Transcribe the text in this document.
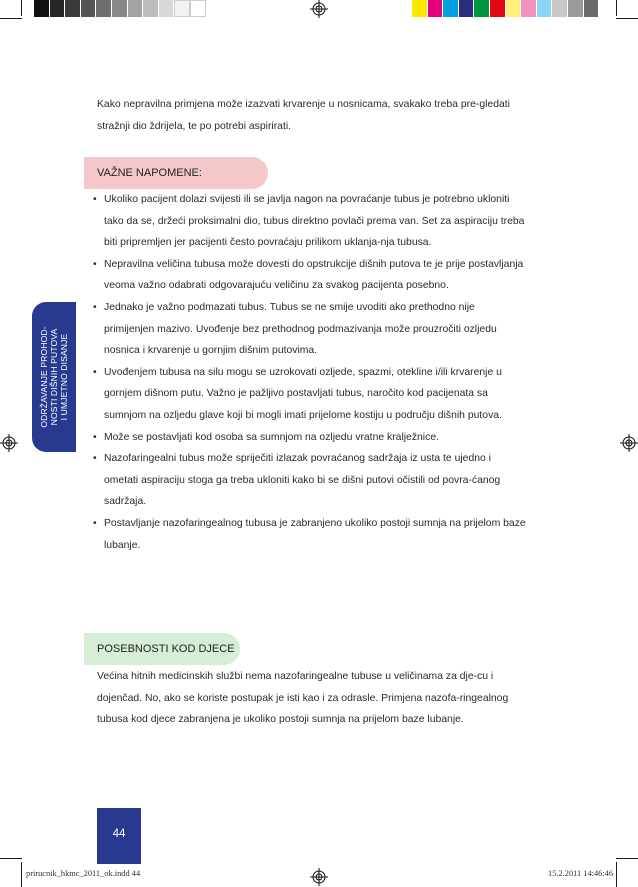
ODRŽAVANJE PROHOD- NOSTI DIŠNIH PUTOVA I UMJETNO DISANJE

Kako nepravilna primjena može izazvati krvarenje u nosnicama, svakako treba pre-gledati stražnji dio ždrijela, te po potrebi aspirirati.

VAŽNE NAPOMENE:
• Ukoliko pacijent dolazi svijesti ili se javlja nagon na povraćanje tubus je potrebno ukloniti tako da se, držeći proksimalni dio, tubus direktno povlači prema van. Set za aspiraciju treba biti pripremljen jer pacijenti često povraćaju prilikom uklanja-nja tubusa.
• Nepravilna veličina tubusa može dovesti do opstrukcije dišnih putova te je prije postavljanja veoma važno odabrati odgovarajuću veličinu za svakog pacijenta posebno.
• Jednako je važno podmazati tubus. Tubus se ne smije uvoditi ako prethodno nije primijenjen mazivo. Uvođenje bez prethodnog podmazivanja može prouzročiti ozljedu nosnica i krvarenje u gornjim dišnim putovima.
• Uvođenjem tubusa na silu mogu se uzrokovati ozljede, spazmi, otekline i/ili krvarenje u gornjem dišnom putu. Važno je pažljivo postavljati tubus, naročito kod pacijenata sa sumnjom na ozljedu glave koji bi mogli imati prijelome kostiju u području dišnih putova.
• Može se postavljati kod osoba sa sumnjom na ozljedu vratne kralježnice.
• Nazofaringealni tubus može spriječiti izlazak povraćanog sadržaja iz usta te ujedno i ometati aspiraciju stoga ga treba ukloniti kako bi se dišni putovi očistili od povra-ćanog sadržaja.
• Postavljanje nazofaringealnog tubusa je zabranjeno ukoliko postoji sumnja na prijelom baze lubanje.
POSEBNOSTI KOD DJECE

Većina hitnih medicinskih službi nema nazofaringealne tubuse u veličinama za dje-cu i dojenčad. No, ako se koriste postupak je isti kao i za odrasle. Primjena nazofa-ringealnog tubusa kod djece zabranjena je ukoliko postoji sumnja na prijelom baze lubanje.

44
prirucnik_hkmc_2011_ok.indd 44	15.2.2011 14:46:46
